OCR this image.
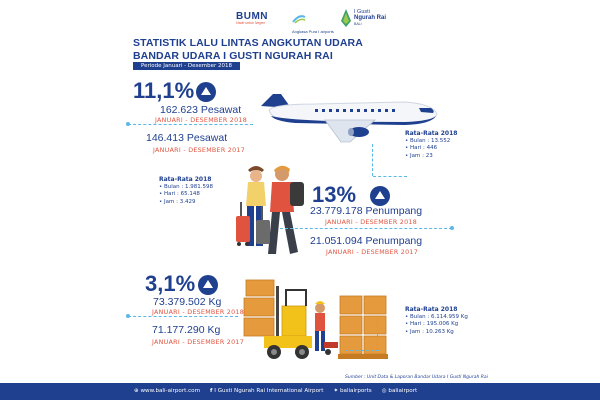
BUMN
Hadir untuk Negeri
Angkasa Pura I airports
I Gusti
Ngurah Rai
BALI
STATISTIK LALU LINTAS ANGKUTAN UDARA
BANDAR UDARA I GUSTI NGURAH RAI
Periode Januari - Desember 2018
11,1%
162.623 Pesawat
JANUARI - DESEMBER 2018
146.413 Pesawat
JANUARI - DESEMBER 2017
Rata-Rata 2018
• Bulan : 13.552
• Hari : 446
• Jam : 23
Rata-Rata 2018
• Bulan : 1.981.598
• Hari : 65.148
• Jam : 3.429	13%
23.779.178 Penumpang
JANUARI - DESEMBER 2018
21.051.094 Penumpang
JANUARI - DESEMBER 2017
3,1%
73.379.502 Kg
JANUARI - DESEMBER 2018
71.177.290 Kg
JANUARI - DESEMBER 2017
Rata-Rata 2018
• Bulan : 6.114.959 Kg
• Hari : 195.006 Kg
• Jam : 10.263 Kg
Sumber : Unit Data & Laporan Bandar Udara I Gusti Ngurah Rai
⊕ www.bali-airport.com f I Gusti Ngurah Rai International Airport ✦ baliairports ◎ baliairport
